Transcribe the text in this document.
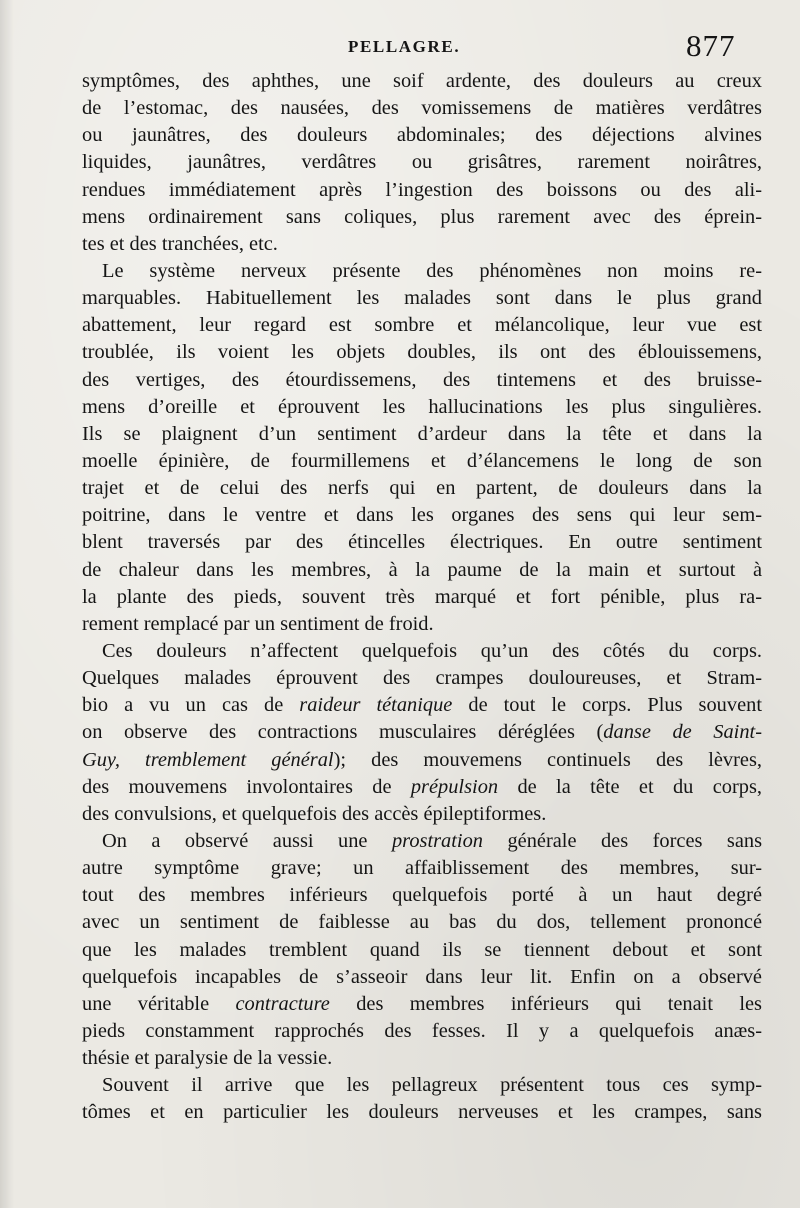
PELLAGRE.	877
symptômes, des aphthes, une soif ardente, des douleurs au creux
de l’estomac, des nausées, des vomissemens de matières verdâtres
ou jaunâtres, des douleurs abdominales; des déjections alvines
liquides, jaunâtres, verdâtres ou grisâtres, rarement noirâtres,
rendues immédiatement après l’ingestion des boissons ou des ali-
mens ordinairement sans coliques, plus rarement avec des éprein-
tes et des tranchées, etc.
Le système nerveux présente des phénomènes non moins re-
marquables. Habituellement les malades sont dans le plus grand
abattement, leur regard est sombre et mélancolique, leur vue est
troublée, ils voient les objets doubles, ils ont des éblouissemens,
des vertiges, des étourdissemens, des tintemens et des bruisse-
mens d’oreille et éprouvent les hallucinations les plus singulières.
Ils se plaignent d’un sentiment d’ardeur dans la tête et dans la
moelle épinière, de fourmillemens et d’élancemens le long de son
trajet et de celui des nerfs qui en partent, de douleurs dans la
poitrine, dans le ventre et dans les organes des sens qui leur sem-
blent traversés par des étincelles électriques. En outre sentiment
de chaleur dans les membres, à la paume de la main et surtout à
la plante des pieds, souvent très marqué et fort pénible, plus ra-
rement remplacé par un sentiment de froid.
Ces douleurs n’affectent quelquefois qu’un des côtés du corps.
Quelques malades éprouvent des crampes douloureuses, et Stram-
bio a vu un cas de raideur tétanique de tout le corps. Plus souvent
on observe des contractions musculaires déréglées (danse de Saint-
Guy, tremblement général); des mouvemens continuels des lèvres,
des mouvemens involontaires de prépulsion de la tête et du corps,
des convulsions, et quelquefois des accès épileptiformes.
On a observé aussi une prostration générale des forces sans
autre symptôme grave; un affaiblissement des membres, sur-
tout des membres inférieurs quelquefois porté à un haut degré
avec un sentiment de faiblesse au bas du dos, tellement prononcé
que les malades tremblent quand ils se tiennent debout et sont
quelquefois incapables de s’asseoir dans leur lit. Enfin on a observé
une véritable contracture des membres inférieurs qui tenait les
pieds constamment rapprochés des fesses. Il y a quelquefois anæs-
thésie et paralysie de la vessie.
Souvent il arrive que les pellagreux présentent tous ces symp-
tômes et en particulier les douleurs nerveuses et les crampes, sans
